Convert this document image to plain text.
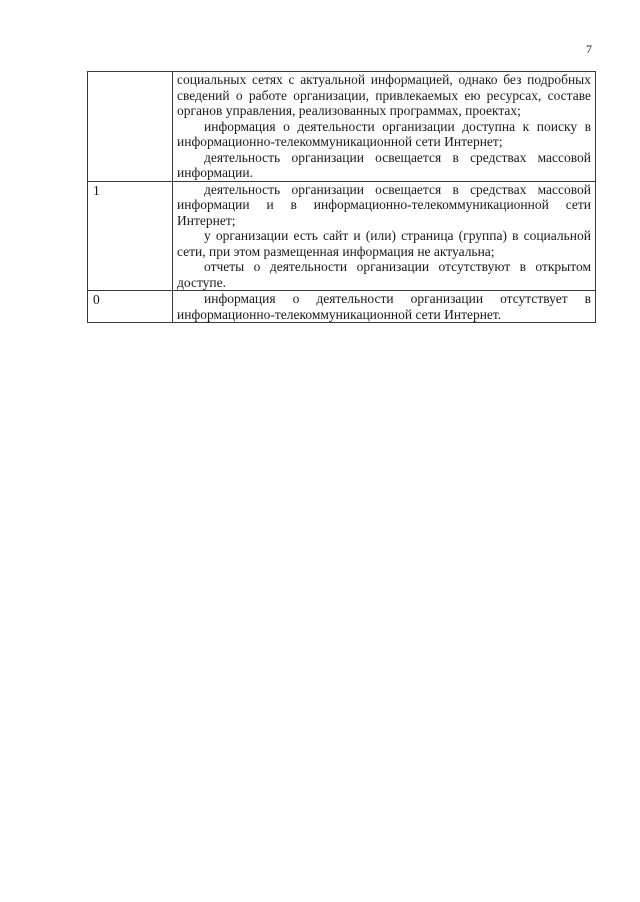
7

	социальных сетях с актуальной информацией, однако без подробных сведений о работе организации, привлекаемых ею ресурсах, составе органов управления, реализованных программах, проектах;

информация о деятельности организации доступна к поиску в информационно-телекоммуникационной сети Интернет;

деятельность организации освещается в средствах массовой информации.

1	деятельность организации освещается в средствах массовой информации и в информационно-телекоммуникационной сети Интернет;

у организации есть сайт и (или) страница (группа) в социальной сети, при этом размещенная информация не актуальна;

отчеты о деятельности организации отсутствуют в открытом доступе.

0	информация о деятельности организации отсутствует в информационно-телекоммуникационной сети Интернет.
